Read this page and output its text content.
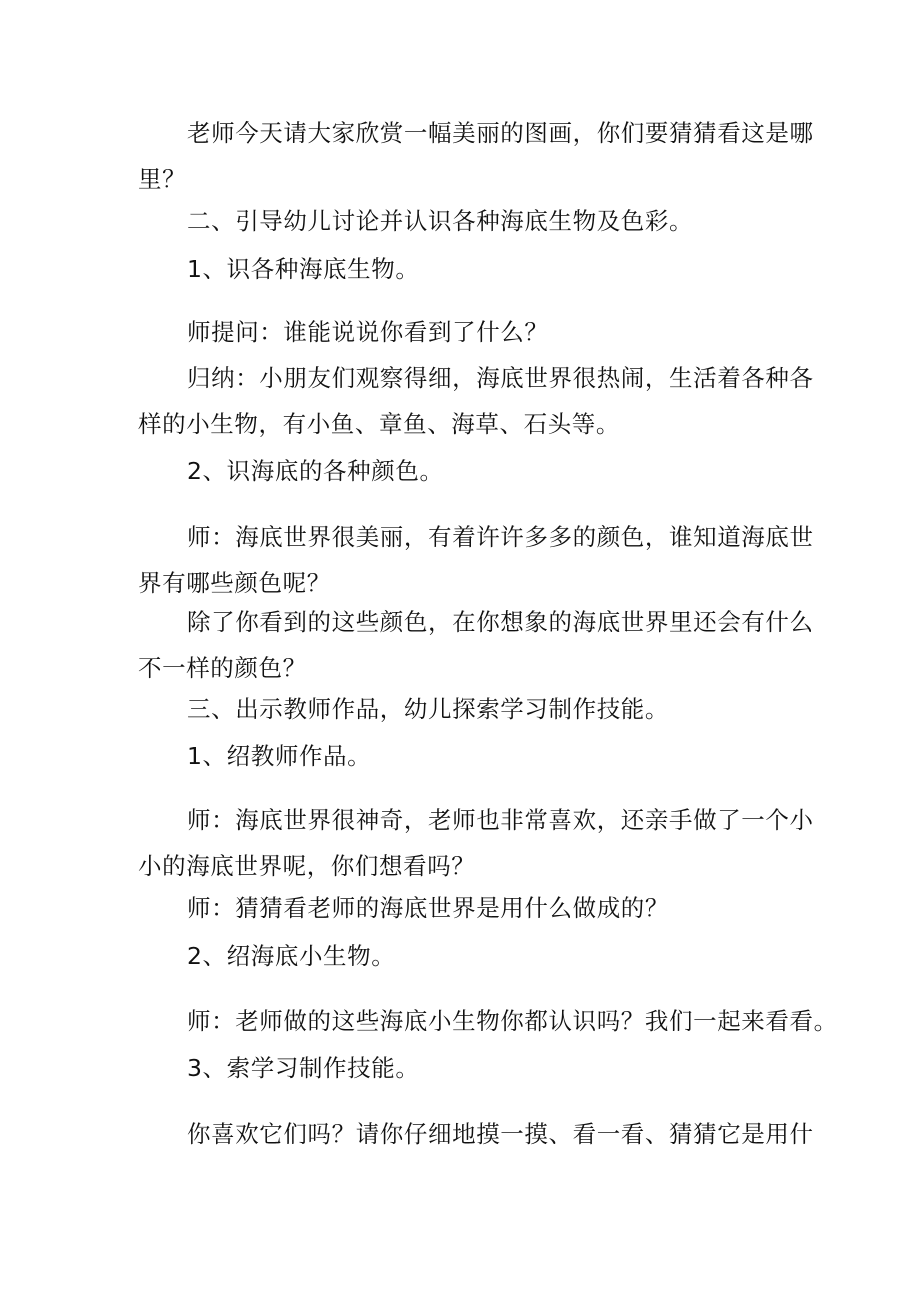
老师今天请大家欣赏一幅美丽的图画，你们要猜猜看这是哪
里？

二、引导幼儿讨论并认识各种海底生物及色彩。

1、识各种海底生物。

师提问：谁能说说你看到了什么？

归纳：小朋友们观察得细，海底世界很热闹，生活着各种各
样的小生物，有小鱼、章鱼、海草、石头等。

2、识海底的各种颜色。

师：海底世界很美丽，有着许许多多的颜色，谁知道海底世
界有哪些颜色呢？

除了你看到的这些颜色，在你想象的海底世界里还会有什么
不一样的颜色？

三、出示教师作品，幼儿探索学习制作技能。

1、绍教师作品。

师：海底世界很神奇，老师也非常喜欢，还亲手做了一个小
小的海底世界呢，你们想看吗？

师：猜猜看老师的海底世界是用什么做成的？

2、绍海底小生物。

师：老师做的这些海底小生物你都认识吗？我们一起来看看。

3、索学习制作技能。

你喜欢它们吗？请你仔细地摸一摸、看一看、猜猜它是用什
